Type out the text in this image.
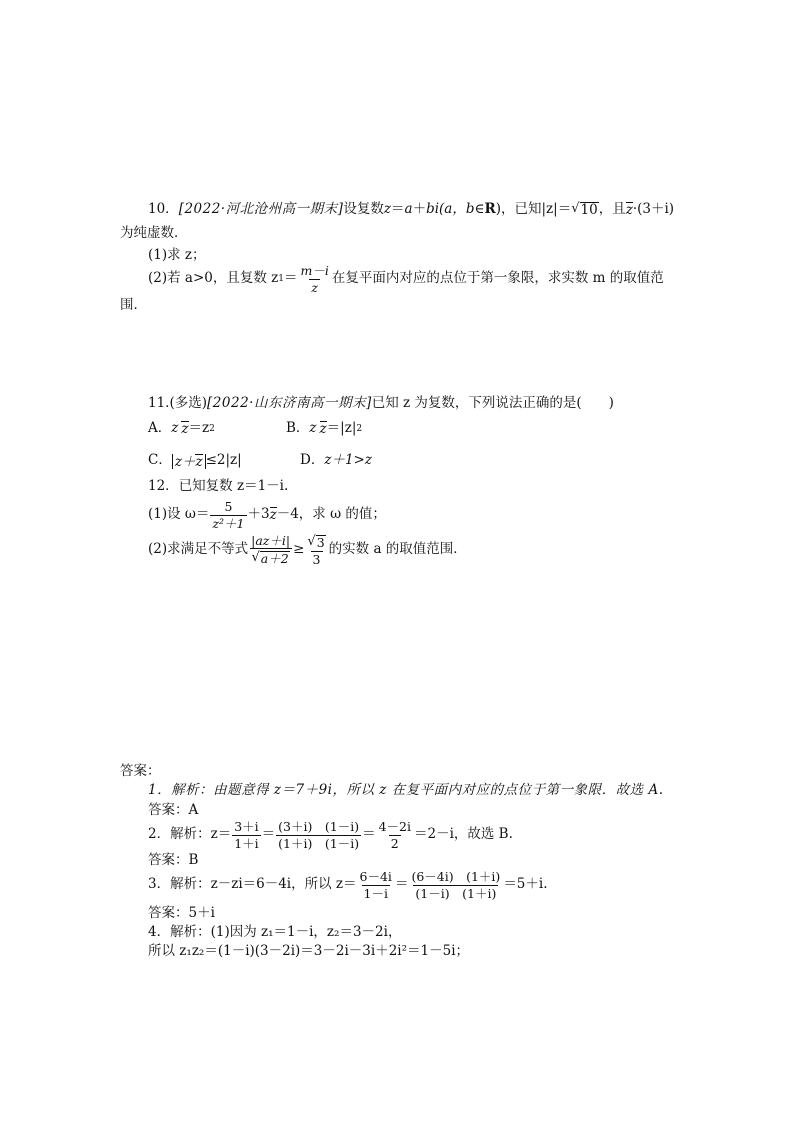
10． [2022·河北沧州高一期末] 设复数 z ＝ a ＋ bi(a，b∈ R )，已知|z|＝ √ 10 ，且 z ·(3＋i)
为纯虚数．
(1)求 z；
(2)若 a>0，且复数 z $1 = \frac{m-i}{z}$ 在复平面内对应的点位于第一象限，求实数 m 的取值范
围．
11. (多选) [2022·山东济南高一期末] 已知 z 为复数，下列说法正确的是(　　)
A． z z ＝z 2	B． z z ＝|z| 2
C． z＋z ≤2|z|	D． z＋1>z
12． 已知复数 z＝1－i.
(1)设 $\omega= \frac{5}{\text{z²＋1}} +3$ z －4，求 ω 的值；
(2)求满足不等式 $\frac{|az+i|}{√ a+2} \ge \frac{√ 3}{3}$ 的实数 a 的取值范围．
答案：
1．解析：由题意得 z＝7＋9i，所以 z 在复平面内对应的点位于第一象限．故选 A.
答案：A
2．解析：$z= \frac{3+i}{1+i} = \frac{(3+i) (1-i)}{(1+i) (1-i)} = \frac{4-2i}{2} =2-i$，故选 B.
答案：B
3．解析：z－zi＝6－4i，所以 $z= \frac{6-4i}{1-i} = \frac{(6-4i) (1+i)}{(1-i) (1+i)} =5+i$.
答案：5＋i
4．解析：(1)因为 z₁＝1－i，z₂＝3－2i，
所以 z₁z₂＝(1－i)(3－2i)＝3－2i－3i＋2i²＝1－5i；
